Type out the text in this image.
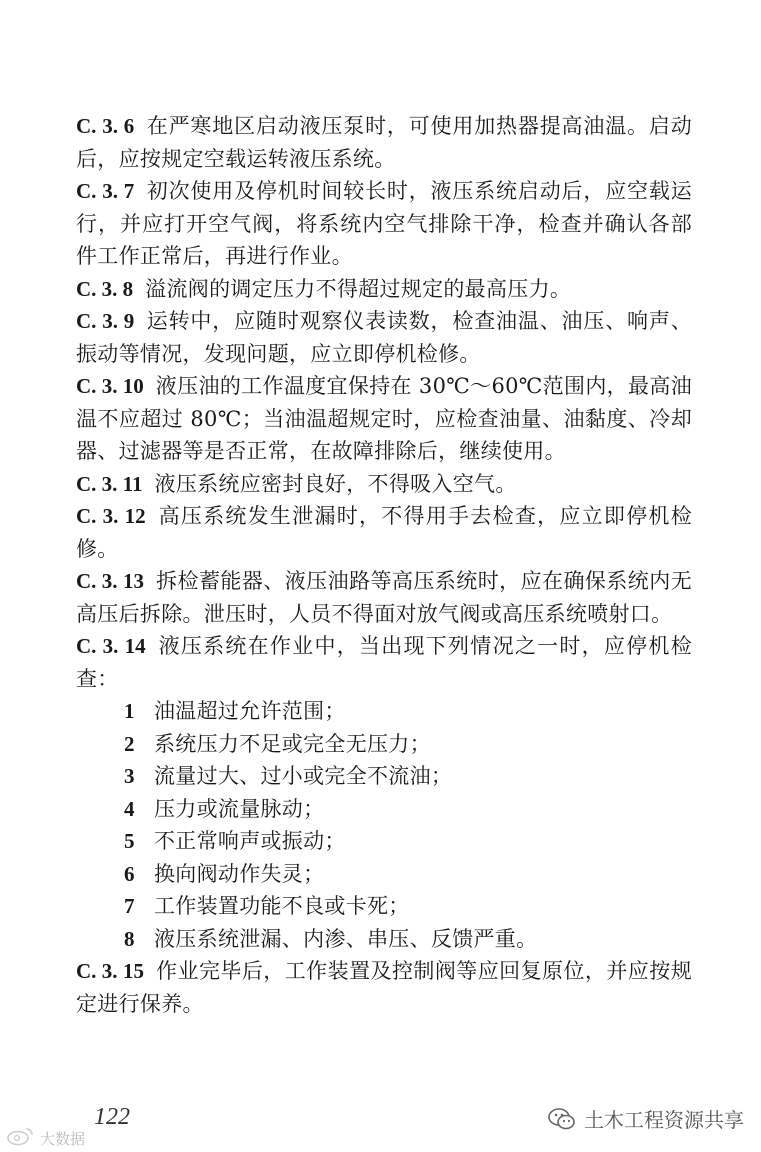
C. 3. 6 在严寒地区启动液压泵时，可使用加热器提高油温。启动后，应按规定空载运转液压系统。

C. 3. 7 初次使用及停机时间较长时，液压系统启动后，应空载运行，并应打开空气阀，将系统内空气排除干净，检查并确认各部件工作正常后，再进行作业。

C. 3. 8 溢流阀的调定压力不得超过规定的最高压力。

C. 3. 9 运转中，应随时观察仪表读数，检查油温、油压、响声、振动等情况，发现问题，应立即停机检修。

C. 3. 10 液压油的工作温度宜保持在 30℃～60℃范围内，最高油温不应超过 80℃；当油温超规定时，应检查油量、油黏度、冷却器、过滤器等是否正常，在故障排除后，继续使用。

C. 3. 11 液压系统应密封良好，不得吸入空气。

C. 3. 12 高压系统发生泄漏时，不得用手去检查，应立即停机检修。

C. 3. 13 拆检蓄能器、液压油路等高压系统时，应在确保系统内无高压后拆除。泄压时，人员不得面对放气阀或高压系统喷射口。

C. 3. 14 液压系统在作业中，当出现下列情况之一时，应停机检查：

1 油温超过允许范围；

2 系统压力不足或完全无压力；

3 流量过大、过小或完全不流油；

4 压力或流量脉动；

5 不正常响声或振动；

6 换向阀动作失灵；

7 工作装置功能不良或卡死；

8 液压系统泄漏、内渗、串压、反馈严重。

C. 3. 15 作业完毕后，工作装置及控制阀等应回复原位，并应按规定进行保养。

122	土木工程资源共享
大数据
